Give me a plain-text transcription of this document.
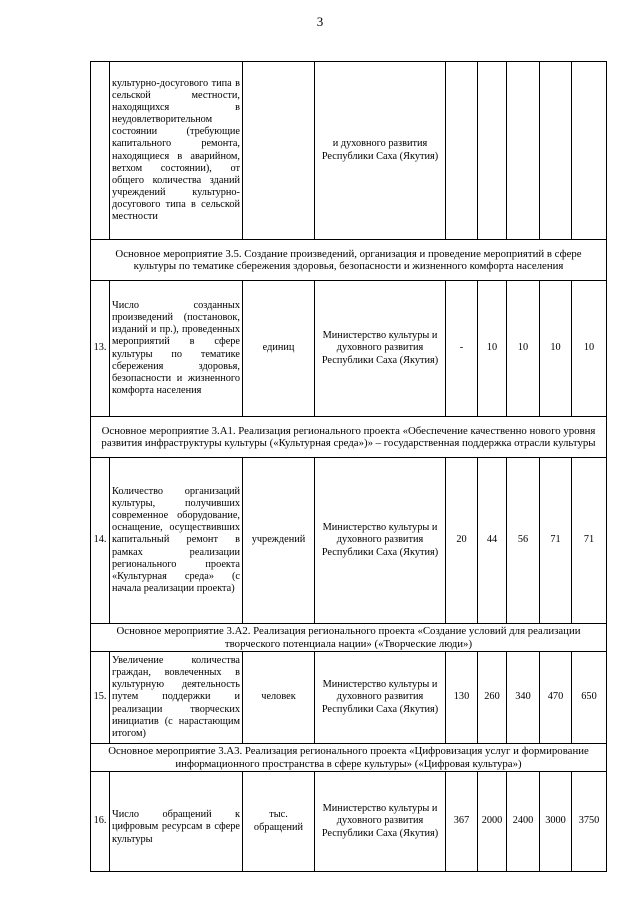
3
	культурно-досугового типа в сельской местности, находящихся в неудовлетворительном состоянии (требующие капитального ремонта, находящиеся в аварийном, ветхом состоянии), от общего количества зданий учреждений культурно-досугового типа в сельской местности		и духовного развития Республики Саха (Якутия)					
Основное мероприятие 3.5. Создание произведений, организация и проведение мероприятий в сфере культуры по тематике сбережения здоровья, безопасности и жизненного комфорта населения								
13.	Число созданных произведений (постановок, изданий и пр.), проведенных мероприятий в сфере культуры по тематике сбережения здоровья, безопасности и жизненного комфорта населения	единиц	Министерство культуры и духовного развития Республики Саха (Якутия)	-	10	10	10	10
Основное мероприятие 3.А1. Реализация регионального проекта «Обеспечение качественно нового уровня развития инфраструктуры культуры («Культурная среда»)» – государственная поддержка отрасли культуры								
14.	Количество организаций культуры, получивших современное оборудование, оснащение, осуществивших капитальный ремонт в рамках реализации регионального проекта «Культурная среда» (с начала реализации проекта)	учреждений	Министерство культуры и духовного развития Республики Саха (Якутия)	20	44	56	71	71
Основное мероприятие 3.А2. Реализация регионального проекта «Создание условий для реализации творческого потенциала нации» («Творческие люди»)								
15.	Увеличение количества граждан, вовлеченных в культурную деятельность путем поддержки и реализации творческих инициатив (с нарастающим итогом)	человек	Министерство культуры и духовного развития Республики Саха (Якутия)	130	260	340	470	650
Основное мероприятие 3.А3. Реализация регионального проекта «Цифровизация услуг и формирование информационного пространства в сфере культуры» («Цифровая культура»)								
16.	Число обращений к цифровым ресурсам в сфере культуры	тыс. обращений	Министерство культуры и духовного развития Республики Саха (Якутия)	367	2000	2400	3000	3750
